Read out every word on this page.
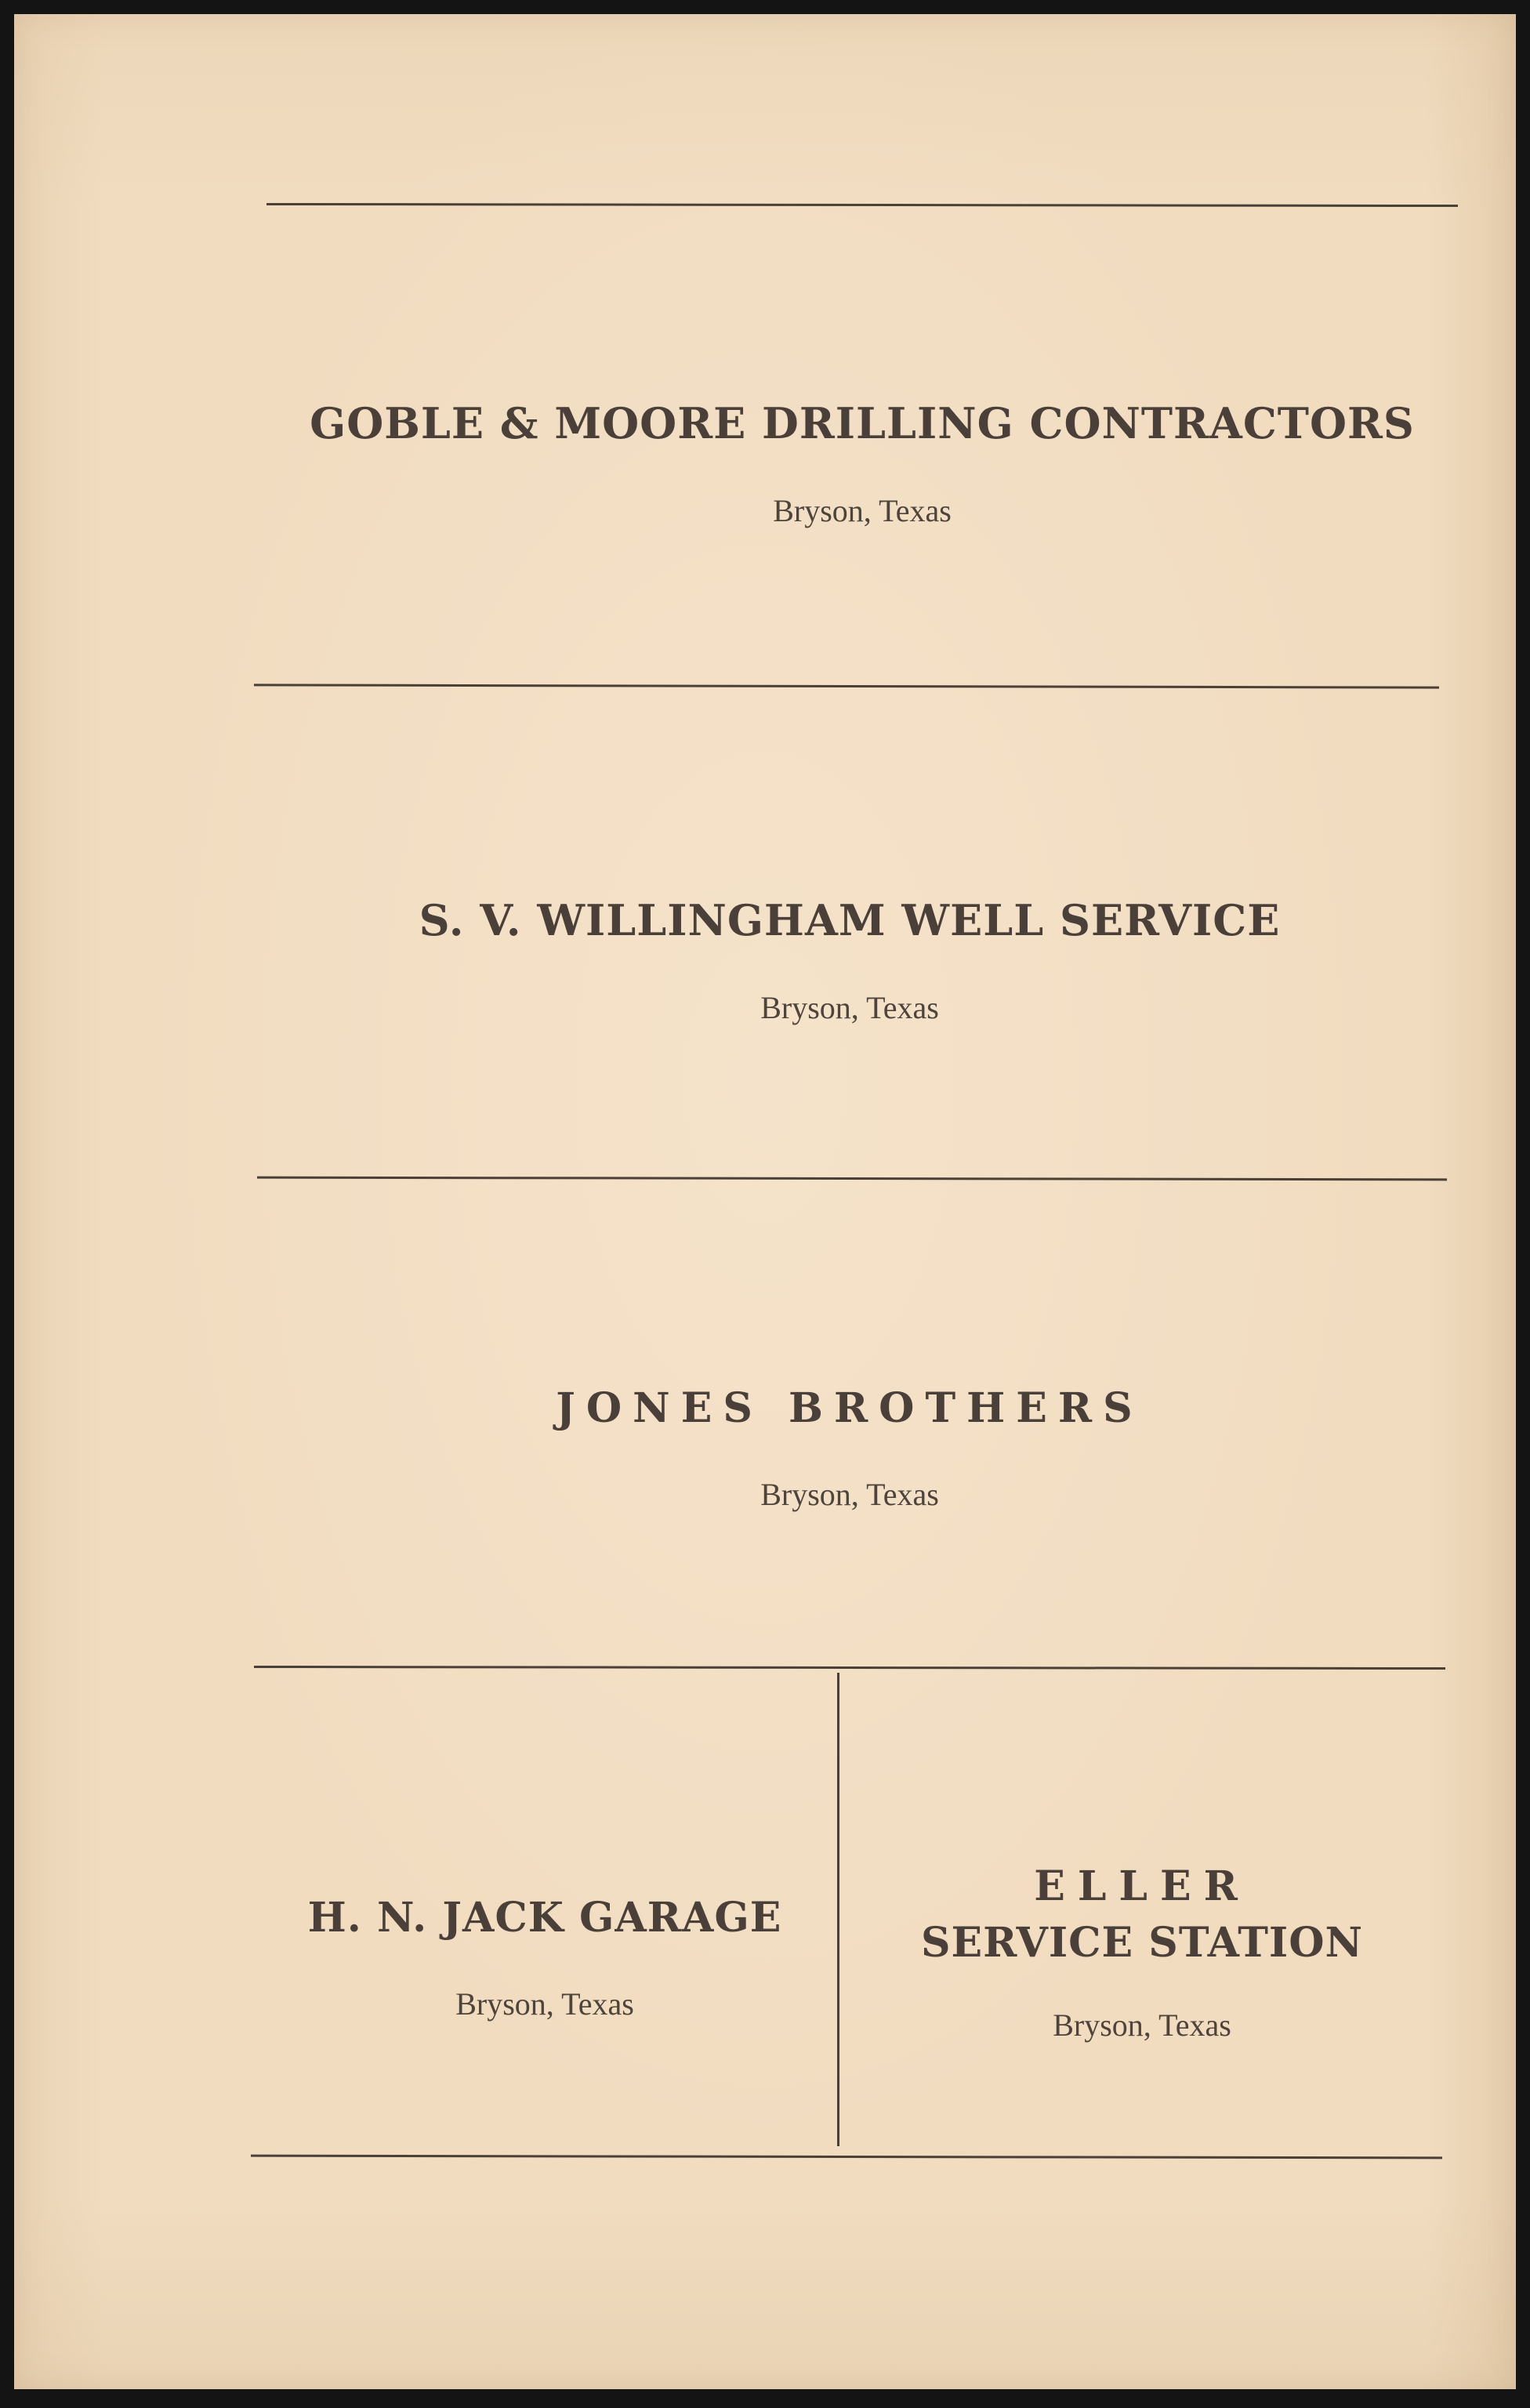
GOBLE & MOORE DRILLING CONTRACTORS
Bryson, Texas
S. V. WILLINGHAM WELL SERVICE
Bryson, Texas
JONES BROTHERS
Bryson, Texas
H. N. JACK GARAGE
Bryson, Texas
ELLER
SERVICE STATION
Bryson, Texas
